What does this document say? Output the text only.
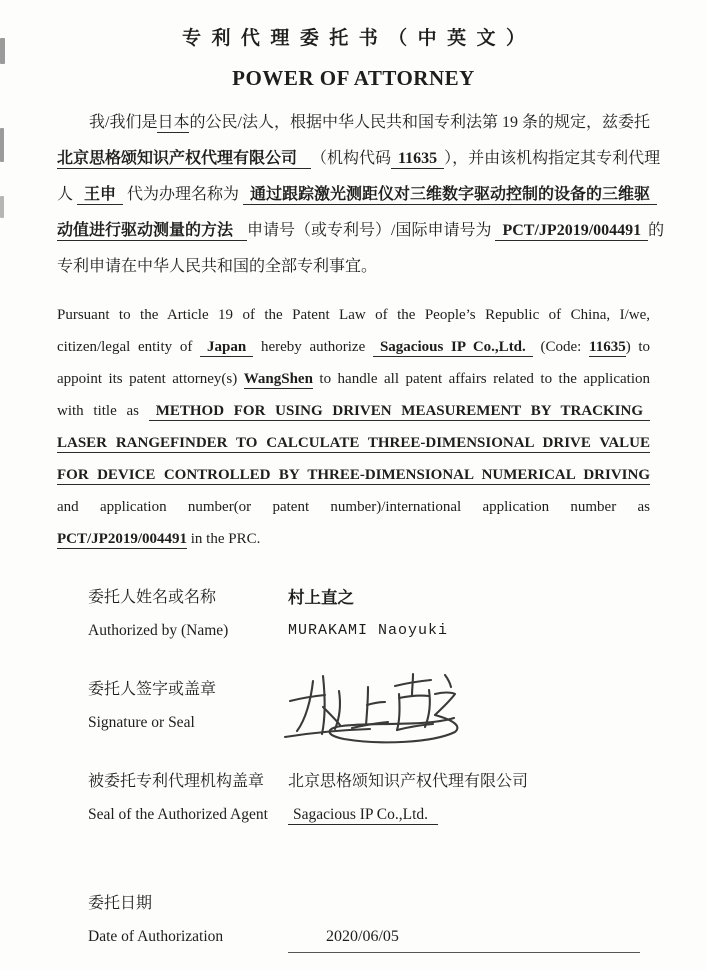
专利代理委托书（中英文）
POWER OF ATTORNEY
我/我们是日本的公民/法人，根据中华人民共和国专利法第 19 条的规定，兹委托
北京思格颂知识产权代理有限公司 （机构代码 11635 ），并由该机构指定其专利代理
人 王申 代为办理名称为 通过跟踪激光测距仪对三维数字驱动控制的设备的三维驱
动值进行驱动测量的方法 申请号（或专利号）/国际申请号为 PCT/JP2019/004491 的
专利申请在中华人民共和国的全部专利事宜。
Pursuant to the Article 19 of the Patent Law of the People’s Republic of China, I/we,
citizen/legal entity of Japan hereby authorize Sagacious IP Co.,Ltd. (Code: 11635) to
appoint its patent attorney(s) WangShen to handle all patent affairs related to the application
with title as METHOD FOR USING DRIVEN MEASUREMENT BY TRACKING
LASER RANGEFINDER TO CALCULATE THREE-DIMENSIONAL DRIVE VALUE
FOR DEVICE CONTROLLED BY THREE-DIMENSIONAL NUMERICAL DRIVING
and application number(or patent number)/international application number as
PCT/JP2019/004491 in the PRC.
委托人姓名或名称
Authorized by (Name)
村上直之
MURAKAMI Naoyuki
委托人签字或盖章
Signature or Seal
被委托专利代理机构盖章
Seal of the Authorized Agent
北京思格颂知识产权代理有限公司
Sagacious IP Co.,Ltd.
委托日期
Date of Authorization
	2020/06/05
